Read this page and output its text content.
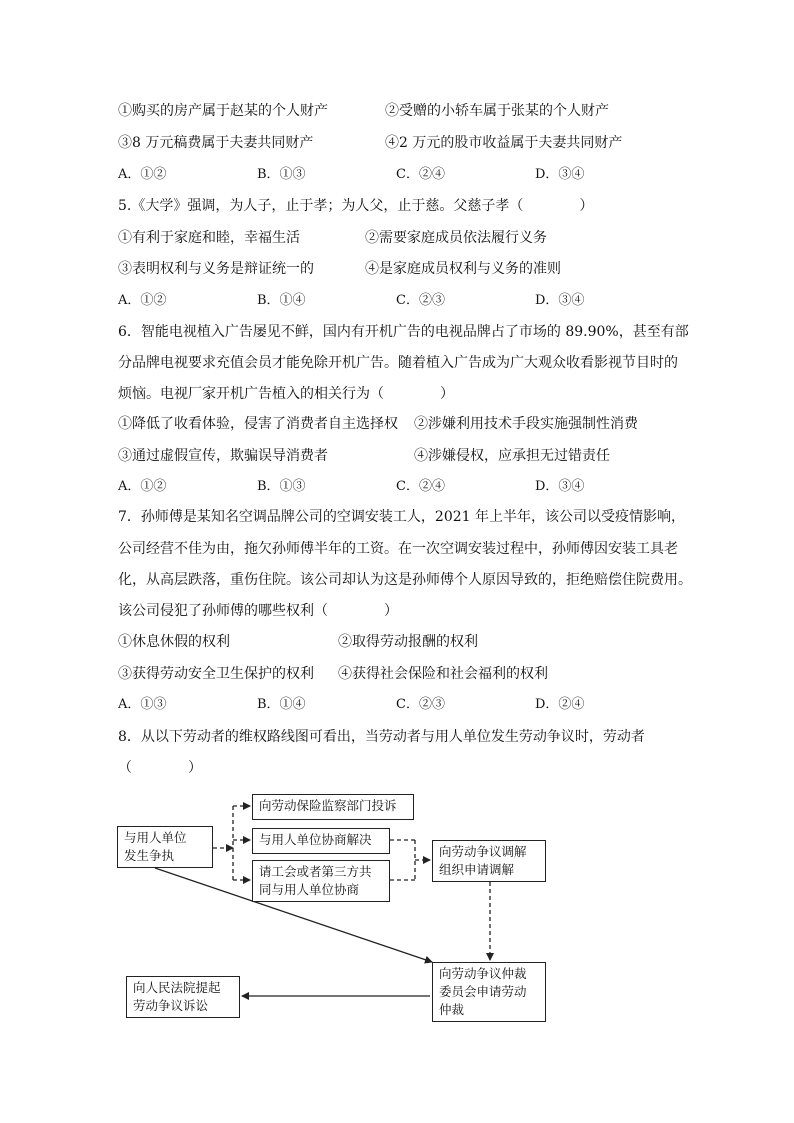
①购买的房产属于赵某的个人财产	②受赠的小轿车属于张某的个人财产
③8 万元稿费属于夫妻共同财产	④2 万元的股市收益属于夫妻共同财产
A．①②	B．①③	C．②④	D．③④
5.《大学》强调，为人子，止于孝；为人父，止于慈。父慈子孝（　　　　）
①有利于家庭和睦，幸福生活	②需要家庭成员依法履行义务
③表明权利与义务是辩证统一的	④是家庭成员权利与义务的准则
A．①②	B．①④	C．②③	D．③④
6．智能电视植入广告屡见不鲜，国内有开机广告的电视品牌占了市场的 89.90%，甚至有部
分品牌电视要求充值会员才能免除开机广告。随着植入广告成为广大观众收看影视节目时的
烦恼。电视厂家开机广告植入的相关行为（　　　　）
①降低了收看体验，侵害了消费者自主选择权 ②涉嫌利用技术手段实施强制性消费
③通过虚假宣传，欺骗误导消费者	④涉嫌侵权，应承担无过错责任
A．①②	B．①③	C．②④	D．③④
7．孙师傅是某知名空调品牌公司的空调安装工人，2021 年上半年，该公司以受疫情影响，
公司经营不佳为由，拖欠孙师傅半年的工资。在一次空调安装过程中，孙师傅因安装工具老
化，从高层跌落，重伤住院。该公司却认为这是孙师傅个人原因导致的，拒绝赔偿住院费用。
该公司侵犯了孙师傅的哪些权利（　　　　）
①休息休假的权利	②取得劳动报酬的权利
③获得劳动安全卫生保护的权利 ④获得社会保险和社会福利的权利
A．①③	B．①④	C．②③	D．②④
8．从以下劳动者的维权路线图可看出，当劳动者与用人单位发生劳动争议时，劳动者
（　　　　）
与用人单位
发生争执
向劳动保险监察部门投诉
与用人单位协商解决
请工会或者第三方共
同与用人单位协商
向劳动争议调解
组织申请调解
向劳动争议仲裁
委员会申请劳动
仲裁
向人民法院提起
劳动争议诉讼
